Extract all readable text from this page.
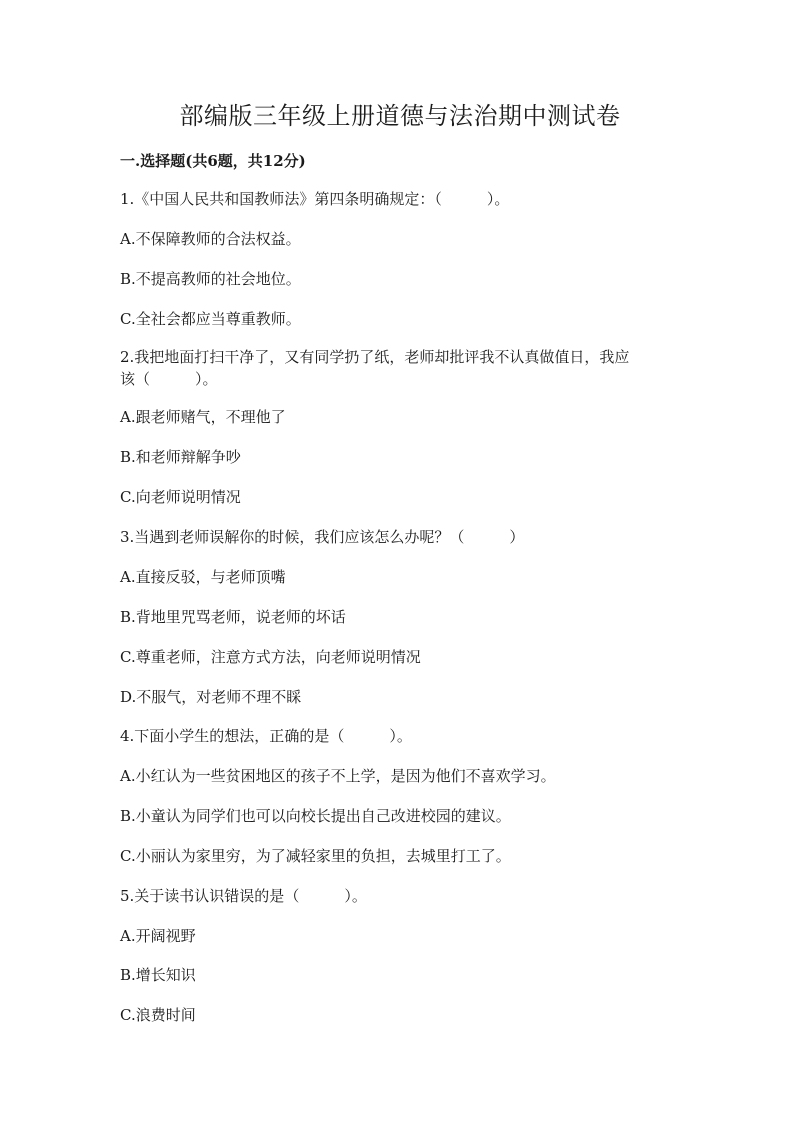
部编版三年级上册道德与法治期中测试卷
一.选择题(共6题，共12分)
1.《中国人民共和国教师法》第四条明确规定：（　　　）。
A.不保障教师的合法权益。
B.不提高教师的社会地位。
C.全社会都应当尊重教师。
2.我把地面打扫干净了，又有同学扔了纸，老师却批评我不认真做值日，我应
该（　　　）。
A.跟老师赌气，不理他了
B.和老师辩解争吵
C.向老师说明情况
3.当遇到老师误解你的时候，我们应该怎么办呢？（　　　）
A.直接反驳，与老师顶嘴
B.背地里咒骂老师，说老师的坏话
C.尊重老师，注意方式方法，向老师说明情况
D.不服气，对老师不理不睬
4.下面小学生的想法，正确的是（　　　）。
A.小红认为一些贫困地区的孩子不上学，是因为他们不喜欢学习。
B.小童认为同学们也可以向校长提出自己改进校园的建议。
C.小丽认为家里穷，为了减轻家里的负担，去城里打工了。
5.关于读书认识错误的是（　　　）。
A.开阔视野
B.增长知识
C.浪费时间
